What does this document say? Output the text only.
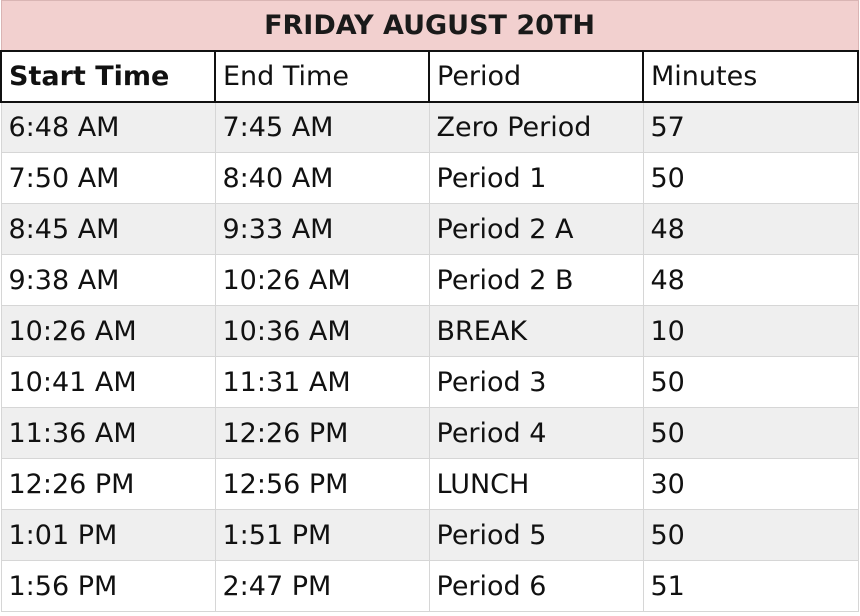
FRIDAY AUGUST 20TH			
Start Time	End Time	Period	Minutes
6:48 AM	7:45 AM	Zero Period	57
7:50 AM	8:40 AM	Period 1	50
8:45 AM	9:33 AM	Period 2 A	48
9:38 AM	10:26 AM	Period 2 B	48
10:26 AM	10:36 AM	BREAK	10
10:41 AM	11:31 AM	Period 3	50
11:36 AM	12:26 PM	Period 4	50
12:26 PM	12:56 PM	LUNCH	30
1:01 PM	1:51 PM	Period 5	50
1:56 PM	2:47 PM	Period 6	51
